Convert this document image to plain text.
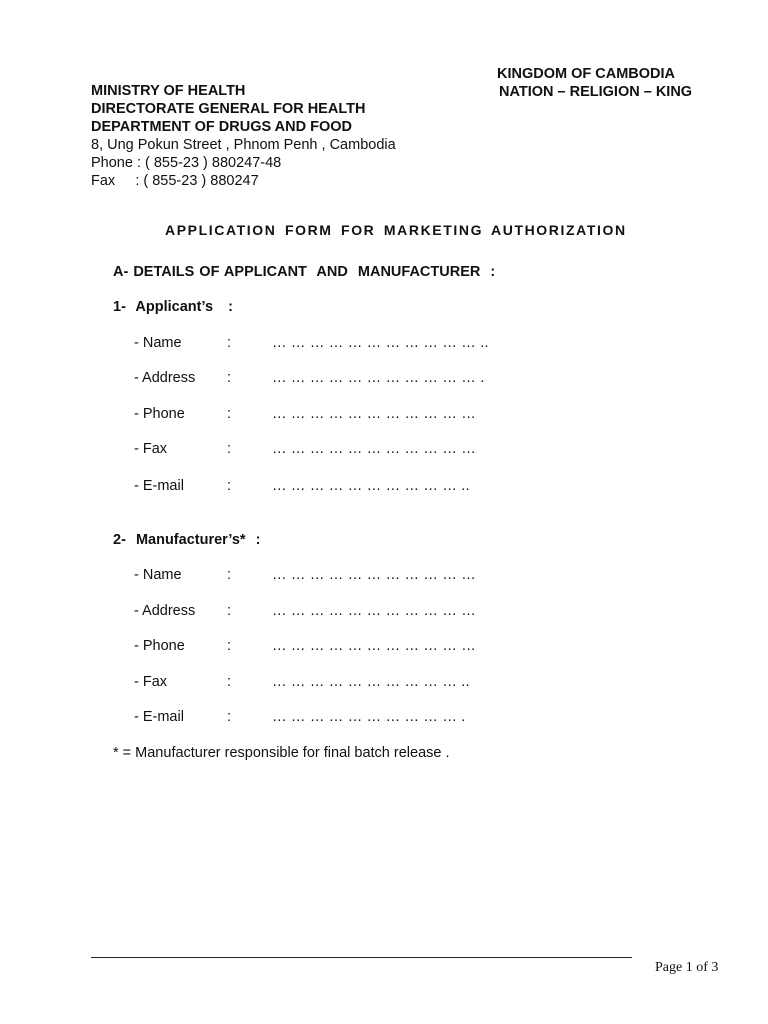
KINGDOM OF CAMBODIA
NATION – RELIGION – KING
MINISTRY OF HEALTH
DIRECTORATE GENERAL FOR HEALTH
DEPARTMENT OF DRUGS AND FOOD
8, Ung Pokun Street , Phnom Penh , Cambodia
Phone : ( 855-23 ) 880247-48
Fax     : ( 855-23 ) 880247
APPLICATION FORM FOR MARKETING AUTHORIZATION
A- DETAILS OF APPLICANT  AND  MANUFACTURER  :
1-  Applicant’s   :
- Name	:	… … … … … … … … … … … ..
- Address :	… … … … … … … … … … … .
- Phone	:	… … … … … … … … … … …
- Fax	:	… … … … … … … … … … …
- E-mail	:	… … … … … … … … … … ..
2-  Manufacturer’s*  :
- Name	:	… … … … … … … … … … …
- Address :	… … … … … … … … … … …
- Phone	:	… … … … … … … … … … …
- Fax	:	… … … … … … … … … … ..
- E-mail	:	… … … … … … … … … … .
* = Manufacturer responsible for final batch release .
Page 1 of 3
